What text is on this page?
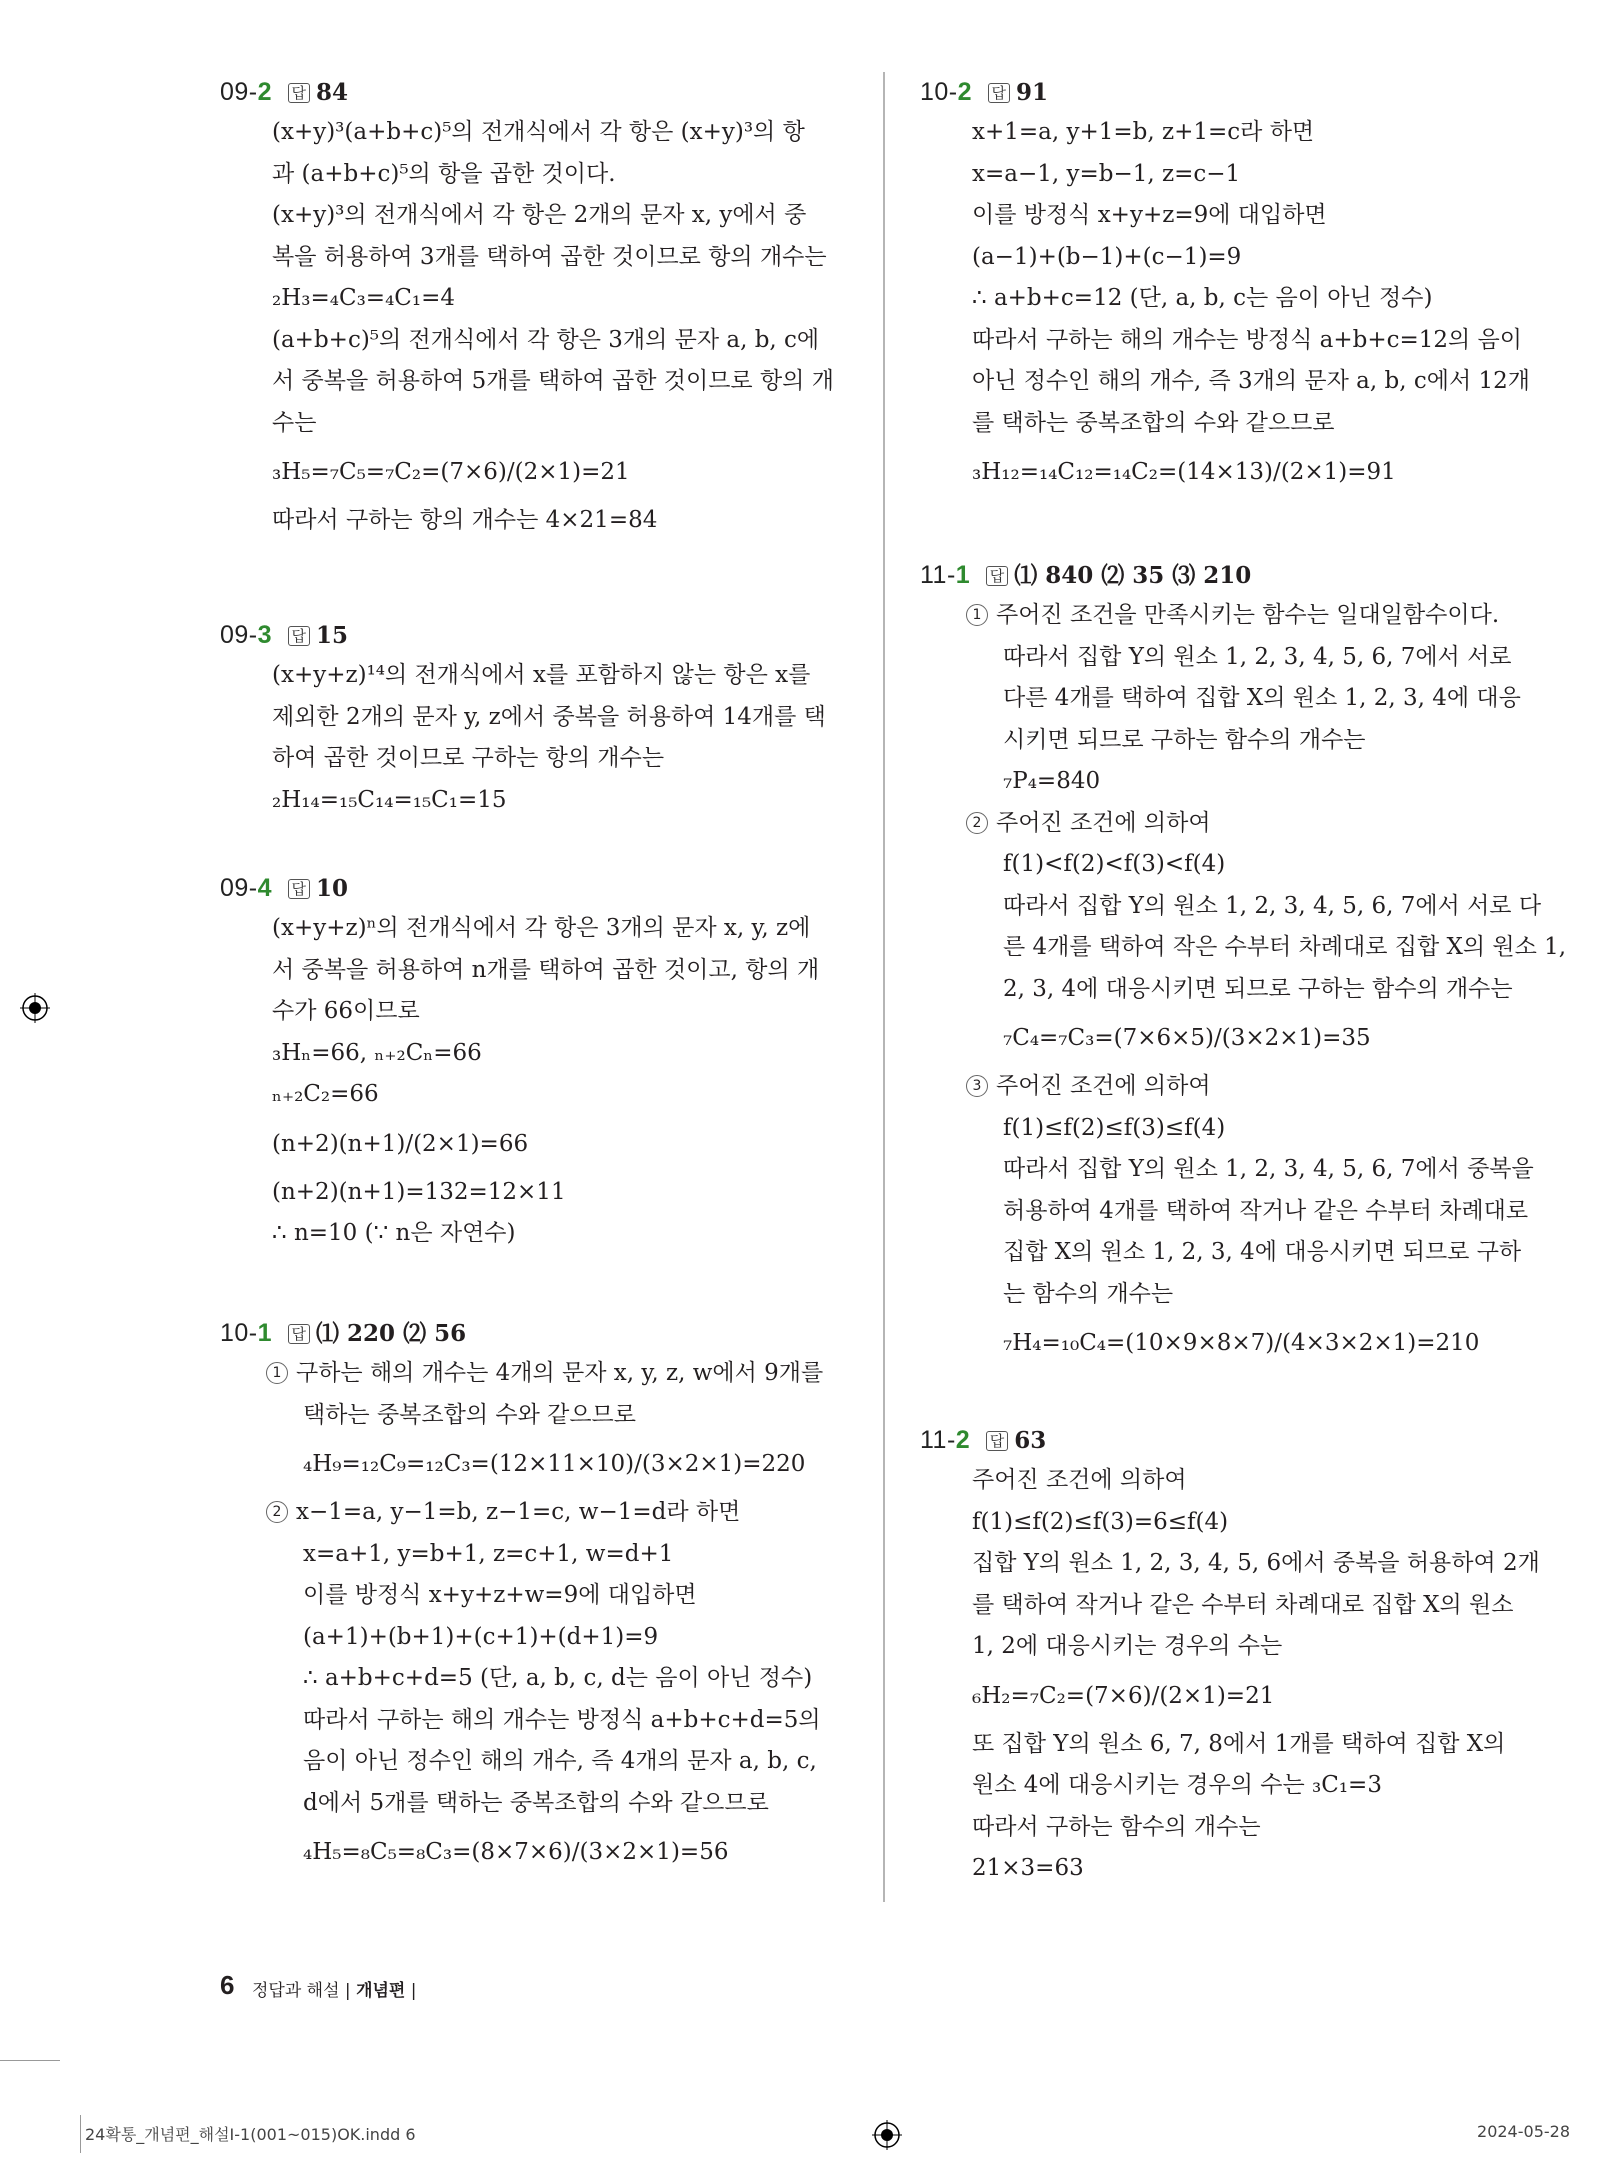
09-2 답 84
(x+y)³(a+b+c)⁵의 전개식에서 각 항은 (x+y)³의 항
과 (a+b+c)⁵의 항을 곱한 것이다.
(x+y)³의 전개식에서 각 항은 2개의 문자 x, y에서 중
복을 허용하여 3개를 택하여 곱한 것이므로 항의 개수는
₂H₃=₄C₃=₄C₁=4
(a+b+c)⁵의 전개식에서 각 항은 3개의 문자 a, b, c에
서 중복을 허용하여 5개를 택하여 곱한 것이므로 항의 개
수는
₃H₅=₇C₅=₇C₂=(7×6)/(2×1)=21
따라서 구하는 항의 개수는 4×21=84
09-3 답 15
(x+y+z)¹⁴의 전개식에서 x를 포함하지 않는 항은 x를
제외한 2개의 문자 y, z에서 중복을 허용하여 14개를 택
하여 곱한 것이므로 구하는 항의 개수는
₂H₁₄=₁₅C₁₄=₁₅C₁=15
09-4 답 10
(x+y+z)ⁿ의 전개식에서 각 항은 3개의 문자 x, y, z에
서 중복을 허용하여 n개를 택하여 곱한 것이고, 항의 개
수가 66이므로
₃Hₙ=66, ₙ₊₂Cₙ=66
ₙ₊₂C₂=66
(n+2)(n+1)/(2×1)=66
(n+2)(n+1)=132=12×11
∴ n=10 (∵ n은 자연수)
10-1 답 ⑴ 220 ⑵ 56
1 구하는 해의 개수는 4개의 문자 x, y, z, w에서 9개를
택하는 중복조합의 수와 같으므로
₄H₉=₁₂C₉=₁₂C₃=(12×11×10)/(3×2×1)=220
2 x−1=a, y−1=b, z−1=c, w−1=d라 하면
x=a+1, y=b+1, z=c+1, w=d+1
이를 방정식 x+y+z+w=9에 대입하면
(a+1)+(b+1)+(c+1)+(d+1)=9
∴ a+b+c+d=5 (단, a, b, c, d는 음이 아닌 정수)
따라서 구하는 해의 개수는 방정식 a+b+c+d=5의
음이 아닌 정수인 해의 개수, 즉 4개의 문자 a, b, c,
d에서 5개를 택하는 중복조합의 수와 같으므로
₄H₅=₈C₅=₈C₃=(8×7×6)/(3×2×1)=56
10-2 답 91
x+1=a, y+1=b, z+1=c라 하면
x=a−1, y=b−1, z=c−1
이를 방정식 x+y+z=9에 대입하면
(a−1)+(b−1)+(c−1)=9
∴ a+b+c=12 (단, a, b, c는 음이 아닌 정수)
따라서 구하는 해의 개수는 방정식 a+b+c=12의 음이
아닌 정수인 해의 개수, 즉 3개의 문자 a, b, c에서 12개
를 택하는 중복조합의 수와 같으므로
₃H₁₂=₁₄C₁₂=₁₄C₂=(14×13)/(2×1)=91
11-1 답 ⑴ 840 ⑵ 35 ⑶ 210
1 주어진 조건을 만족시키는 함수는 일대일함수이다.
따라서 집합 Y의 원소 1, 2, 3, 4, 5, 6, 7에서 서로
다른 4개를 택하여 집합 X의 원소 1, 2, 3, 4에 대응
시키면 되므로 구하는 함수의 개수는
₇P₄=840
2 주어진 조건에 의하여
f(1)<f(2)<f(3)<f(4)
따라서 집합 Y의 원소 1, 2, 3, 4, 5, 6, 7에서 서로 다
른 4개를 택하여 작은 수부터 차례대로 집합 X의 원소 1,
2, 3, 4에 대응시키면 되므로 구하는 함수의 개수는
₇C₄=₇C₃=(7×6×5)/(3×2×1)=35
3 주어진 조건에 의하여
f(1)≤f(2)≤f(3)≤f(4)
따라서 집합 Y의 원소 1, 2, 3, 4, 5, 6, 7에서 중복을
허용하여 4개를 택하여 작거나 같은 수부터 차례대로
집합 X의 원소 1, 2, 3, 4에 대응시키면 되므로 구하
는 함수의 개수는
₇H₄=₁₀C₄=(10×9×8×7)/(4×3×2×1)=210
11-2 답 63
주어진 조건에 의하여
f(1)≤f(2)≤f(3)=6≤f(4)
집합 Y의 원소 1, 2, 3, 4, 5, 6에서 중복을 허용하여 2개
를 택하여 작거나 같은 수부터 차례대로 집합 X의 원소
1, 2에 대응시키는 경우의 수는
₆H₂=₇C₂=(7×6)/(2×1)=21
또 집합 Y의 원소 6, 7, 8에서 1개를 택하여 집합 X의
원소 4에 대응시키는 경우의 수는 ₃C₁=3
따라서 구하는 함수의 개수는
21×3=63
6 정답과 해설 | 개념편 |
24확통_개념편_해설Ⅰ-1(001~015)OK.indd 6	2024-05-28
